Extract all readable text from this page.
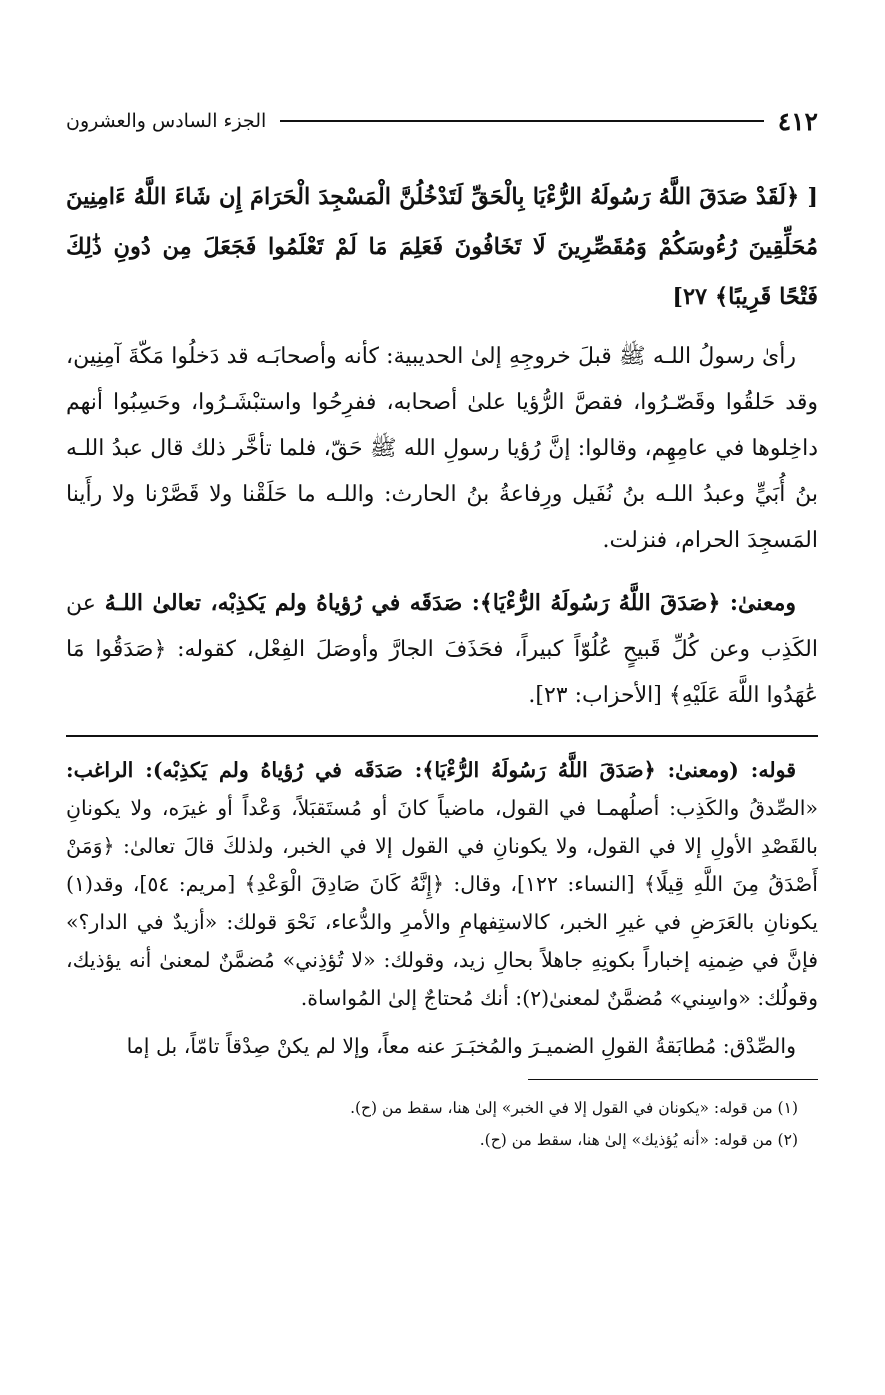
٤١٢
الجزء السادس والعشرون

[ ﴿لَقَدْ صَدَقَ اللَّهُ رَسُولَهُ الرُّءْيَا بِالْحَقِّ لَتَدْخُلُنَّ الْمَسْجِدَ الْحَرَامَ إِن شَاءَ اللَّهُ ءَامِنِينَ مُحَلِّقِينَ رُءُوسَكُمْ وَمُقَصِّرِينَ لَا تَخَافُونَ فَعَلِمَ مَا لَمْ تَعْلَمُوا فَجَعَلَ مِن دُونِ ذَٰلِكَ فَتْحًا قَرِيبًا﴾ ٢٧]

رأىٰ رسولُ اللـه ﷺ قبلَ خروجِهِ إلىٰ الحديبية: كأنه وأصحابَـه قد دَخلُوا مَكّةَ آمِنِين، وقد حَلقُوا وقَصّـرُوا، فقصَّ الرُّؤيا علىٰ أصحابه، ففرِحُوا واستبْشَـرُوا، وحَسِبُوا أنهم داخِلوها في عامِهِم، وقالوا: إنَّ رُؤيا رسولِ الله ﷺ حَقّ، فلما تأخَّر ذلك قال عبدُ اللـه بنُ أُبَيٍّ وعبدُ اللـه بنُ نُفَيل ورِفاعةُ بنُ الحارث: واللـه ما حَلَقْنا ولا قَصَّرْنا ولا رأَينا المَسجِدَ الحرام، فنزلت.

ومعنىٰ: ﴿صَدَقَ اللَّهُ رَسُولَهُ الرُّءْيَا﴾: صَدَقَه في رُؤياهُ ولم يَكذِبْه، تعالىٰ اللـهُ عن الكَذِب وعن كُلِّ قَبيحٍ عُلُوّاً كبيراً، فحَذَفَ الجارَّ وأوصَلَ الفِعْل، كقوله: ﴿صَدَقُوا مَا عَٰهَدُوا اللَّهَ عَلَيْهِ﴾ [الأحزاب: ٢٣].

قوله: (ومعنىٰ: ﴿صَدَقَ اللَّهُ رَسُولَهُ الرُّءْيَا﴾: صَدَقَه في رُؤياهُ ولم يَكذِبْه): الراغب: «الصِّدقُ والكَذِب: أصلُهمـا في القول، ماضياً كانَ أو مُستَقبَلاً، وَعْداً أو غيرَه، ولا يكونانِ بالقَصْدِ الأولِ إلا في القول، ولا يكونانِ في القول إلا في الخبر، ولذلكَ قالَ تعالىٰ: ﴿وَمَنْ أَصْدَقُ مِنَ اللَّهِ قِيلًا﴾ [النساء: ١٢٢]، وقال: ﴿إِنَّهُ كَانَ صَادِقَ الْوَعْدِ﴾ [مريم: ٥٤]، وقد(١) يكونانِ بالعَرَضِ في غيرِ الخبر، كالاستِفهامِ والأمرِ والدُّعاء، نَحْوَ قولك: «أزيدٌ في الدار؟» فإنَّ في ضِمنِه إخباراً بكونِهِ جاهلاً بحالِ زيد، وقولك: «لا تُؤذِني» مُضمَّنٌ لمعنىٰ أنه يؤذيك، وقولُك: «واسِني» مُضمَّنٌ لمعنىٰ(٢): أنك مُحتاجٌ إلىٰ المُواساة.

والصِّدْق: مُطابَقةُ القولِ الضميـرَ والمُخبَـرَ عنه معاً، وإلا لم يكنْ صِدْقاً تامّاً، بل إما

(١) من قوله: «يكونان في القول إلا في الخبر» إلىٰ هنا، سقط من (ح).

(٢) من قوله: «أنه يُؤذيك» إلىٰ هنا، سقط من (ح).
